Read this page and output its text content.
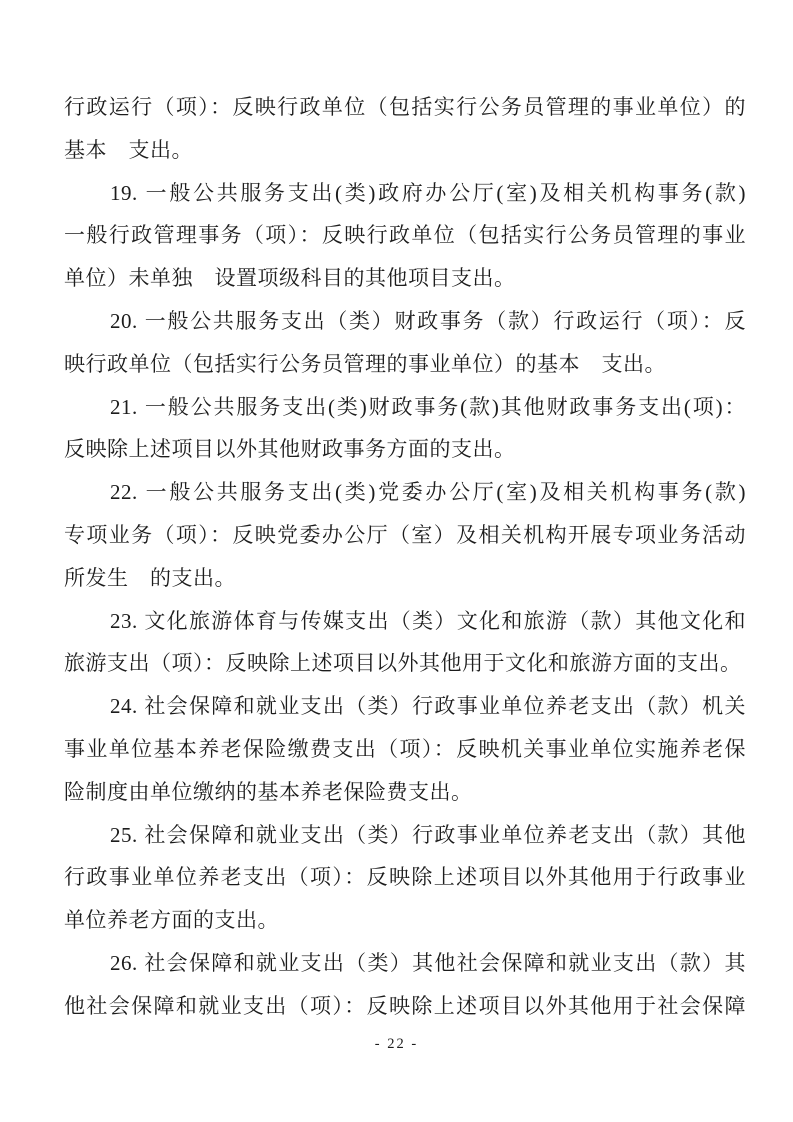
行政运行（项）：反映行政单位（包括实行公务员管理的事业单位）的
基本　支出。
19. 一般公共服务支出(类)政府办公厅(室)及相关机构事务(款)
一般行政管理事务（项）：反映行政单位（包括实行公务员管理的事业
单位）未单独　设置项级科目的其他项目支出。
20. 一般公共服务支出（类）财政事务（款）行政运行（项）：反
映行政单位（包括实行公务员管理的事业单位）的基本　支出。
21. 一般公共服务支出(类)财政事务(款)其他财政事务支出(项)：
反映除上述项目以外其他财政事务方面的支出。
22. 一般公共服务支出(类)党委办公厅(室)及相关机构事务(款)
专项业务（项）：反映党委办公厅（室）及相关机构开展专项业务活动
所发生　的支出。
23. 文化旅游体育与传媒支出（类）文化和旅游（款）其他文化和
旅游支出（项）：反映除上述项目以外其他用于文化和旅游方面的支出。
24. 社会保障和就业支出（类）行政事业单位养老支出（款）机关
事业单位基本养老保险缴费支出（项）：反映机关事业单位实施养老保
险制度由单位缴纳的基本养老保险费支出。
25. 社会保障和就业支出（类）行政事业单位养老支出（款）其他
行政事业单位养老支出（项）：反映除上述项目以外其他用于行政事业
单位养老方面的支出。
26. 社会保障和就业支出（类）其他社会保障和就业支出（款）其
他社会保障和就业支出（项）：反映除上述项目以外其他用于社会保障
- 22 -
